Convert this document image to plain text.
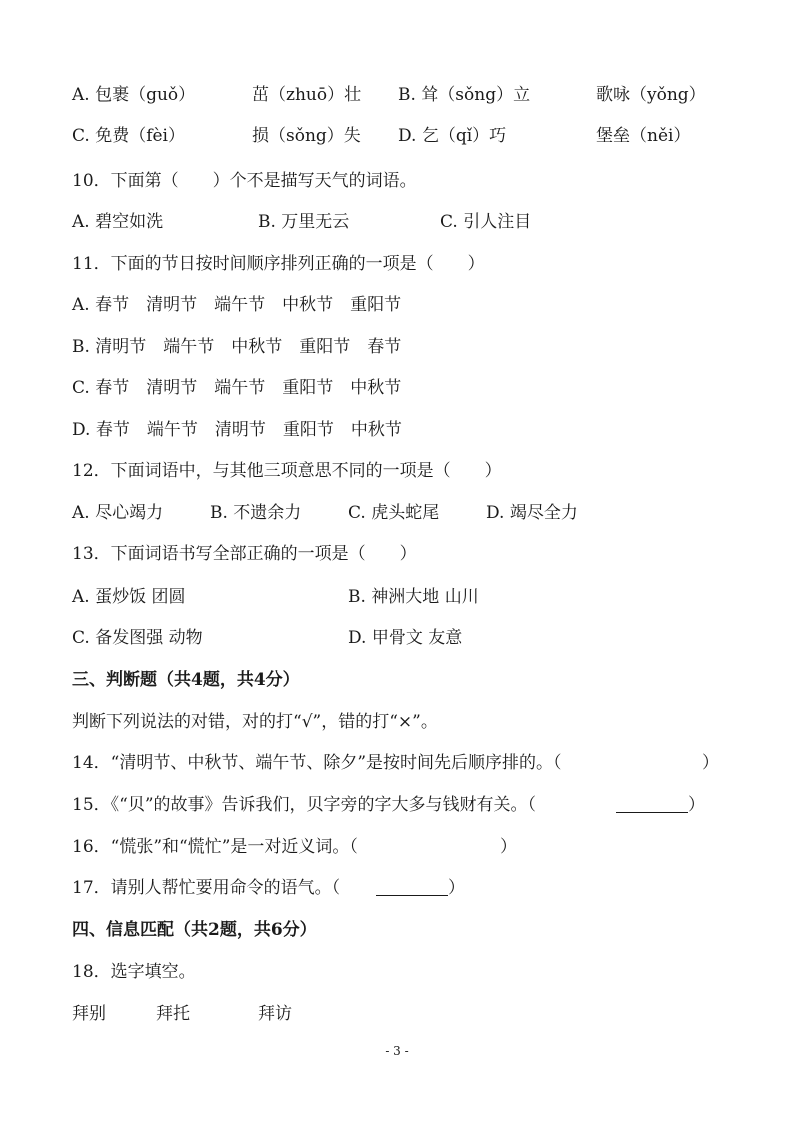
A. 包裹（guǒ）	茁（zhuō）壮 B. 耸（sǒng）立	歌咏（yǒng）
C. 免费（fèi）	损（sǒng）失 D. 乞（qǐ）巧	堡垒（něi）
10．下面第（　　）个不是描写天气的词语。
A. 碧空如洗	B. 万里无云	C. 引人注目
11．下面的节日按时间顺序排列正确的一项是（　　）
A. 春节　清明节　端午节　中秋节　重阳节
B. 清明节　端午节　中秋节　重阳节　春节
C. 春节　清明节　端午节　重阳节　中秋节
D. 春节　端午节　清明节　重阳节　中秋节
12．下面词语中，与其他三项意思不同的一项是（　　）
A. 尽心竭力	B. 不遗余力	C. 虎头蛇尾	D. 竭尽全力
13．下面词语书写全部正确的一项是（　　）
A. 蛋炒饭 团圆	B. 神洲大地 山川
C. 备发图强 动物	D. 甲骨文 友意
三、判断题（共4题，共4分）
判断下列说法的对错，对的打“√”，错的打“×”。
14．“清明节、中秋节、端午节、除夕”是按时间先后顺序排的。（	）
15．《“贝”的故事》告诉我们，贝字旁的字大多与钱财有关。（	）
16．“慌张”和“慌忙”是一对近义词。（	）
17．请别人帮忙要用命令的语气。（	）
四、信息匹配（共2题，共6分）
18．选字填空。
拜别	拜托	拜访
- 3 -
